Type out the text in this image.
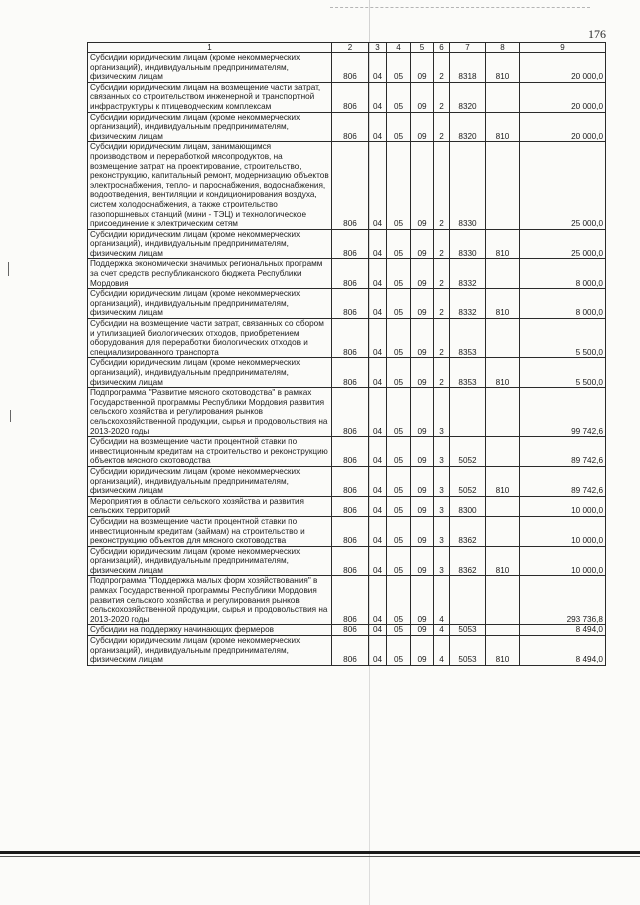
176
1	2	3	4	5	6	7	8	9
Субсидии юридическим лицам (кроме некоммерческих организаций), индивидуальным предпринимателям, физическим лицам	806	04	05	09	2	8318	810	20 000,0
Субсидии юридическим лицам на возмещение части затрат, связанных со строительством инженерной и транспортной инфраструктуры к птицеводческим комплексам	806	04	05	09	2	8320		20 000,0
Субсидии юридическим лицам (кроме некоммерческих организаций), индивидуальным предпринимателям, физическим лицам	806	04	05	09	2	8320	810	20 000,0
Субсидии юридическим лицам, занимающимся производством и переработкой мясопродуктов, на возмещение затрат на проектирование, строительство, реконструкцию, капитальный ремонт, модернизацию объектов электроснабжения, тепло- и пароснабжения, водоснабжения, водоотведения, вентиляции и кондиционирования воздуха, систем холодоснабжения, а также строительство газопоршневых станций (мини - ТЭЦ) и технологическое присоединение к электрическим сетям	806	04	05	09	2	8330		25 000,0
Субсидии юридическим лицам (кроме некоммерческих организаций), индивидуальным предпринимателям, физическим лицам	806	04	05	09	2	8330	810	25 000,0
Поддержка экономически значимых региональных программ за счет средств республиканского бюджета Республики Мордовия	806	04	05	09	2	8332		8 000,0
Субсидии юридическим лицам (кроме некоммерческих организаций), индивидуальным предпринимателям, физическим лицам	806	04	05	09	2	8332	810	8 000,0
Субсидии на возмещение части затрат, связанных со сбором и утилизацией биологических отходов, приобретением оборудования для переработки биологических отходов и специализированного транспорта	806	04	05	09	2	8353		5 500,0
Субсидии юридическим лицам (кроме некоммерческих организаций), индивидуальным предпринимателям, физическим лицам	806	04	05	09	2	8353	810	5 500,0
Подпрограмма "Развитие мясного скотоводства" в рамках Государственной программы Республики Мордовия развития сельского хозяйства и регулирования рынков сельскохозяйственной продукции, сырья и продовольствия на 2013-2020 годы	806	04	05	09	3			99 742,6
Субсидии на возмещение части процентной ставки по инвестиционным кредитам на строительство и реконструкцию объектов мясного скотоводства	806	04	05	09	3	5052		89 742,6
Субсидии юридическим лицам (кроме некоммерческих организаций), индивидуальным предпринимателям, физическим лицам	806	04	05	09	3	5052	810	89 742,6
Мероприятия в области сельского хозяйства и развития сельских территорий	806	04	05	09	3	8300		10 000,0
Субсидии на возмещение части процентной ставки по инвестиционным кредитам (займам) на строительство и реконструкцию объектов для мясного скотоводства	806	04	05	09	3	8362		10 000,0
Субсидии юридическим лицам (кроме некоммерческих организаций), индивидуальным предпринимателям, физическим лицам	806	04	05	09	3	8362	810	10 000,0
Подпрограмма "Поддержка малых форм хозяйствования" в рамках Государственной программы Республики Мордовия развития сельского хозяйства и регулирования рынков сельскохозяйственной продукции, сырья и продовольствия на 2013-2020 годы	806	04	05	09	4			293 736,8
Субсидии на поддержку начинающих фермеров	806	04	05	09	4	5053		8 494,0
Субсидии юридическим лицам (кроме некоммерческих организаций), индивидуальным предпринимателям, физическим лицам	806	04	05	09	4	5053	810	8 494,0
